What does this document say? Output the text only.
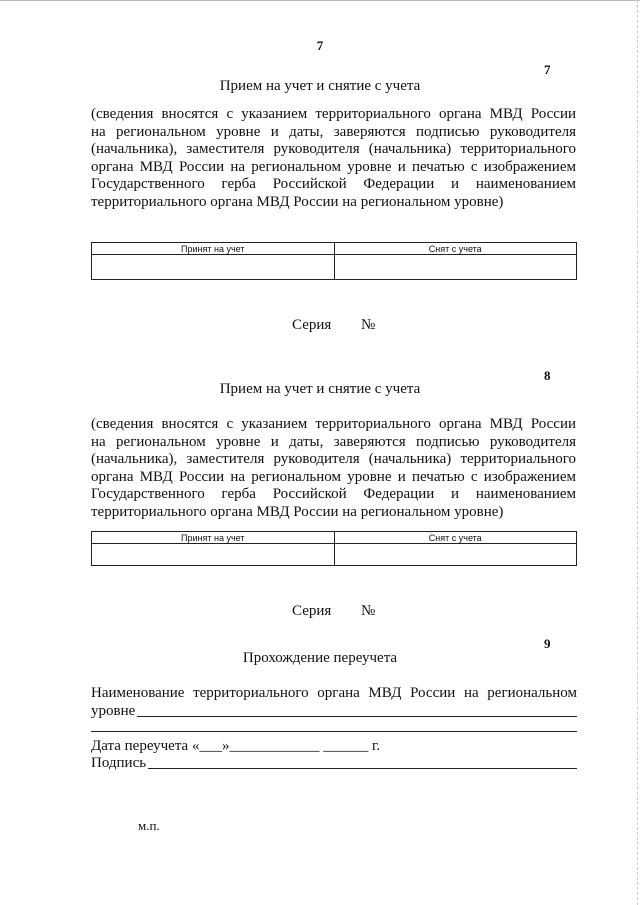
7
7
Прием на учет и снятие с учета
(сведения вносятся с указанием территориального органа МВД России
на региональном уровне и даты, заверяются подписью руководителя
(начальника), заместителя руководителя (начальника) территориального
органа МВД России на региональном уровне и печатью с изображением
Государственного герба Российской Федерации и наименованием
территориального органа МВД России на региональном уровне)
Принят на учет	Снят с учета

Серия №
8
Прием на учет и снятие с учета
(сведения вносятся с указанием территориального органа МВД России
на региональном уровне и даты, заверяются подписью руководителя
(начальника), заместителя руководителя (начальника) территориального
органа МВД России на региональном уровне и печатью с изображением
Государственного герба Российской Федерации и наименованием
территориального органа МВД России на региональном уровне)
Принят на учет	Снят с учета

Серия №
9
Прохождение переучета
Наименование территориального органа МВД России на региональном
уровне
Дата переучета «___»____________ ______ г.
Подпись
м.п.
